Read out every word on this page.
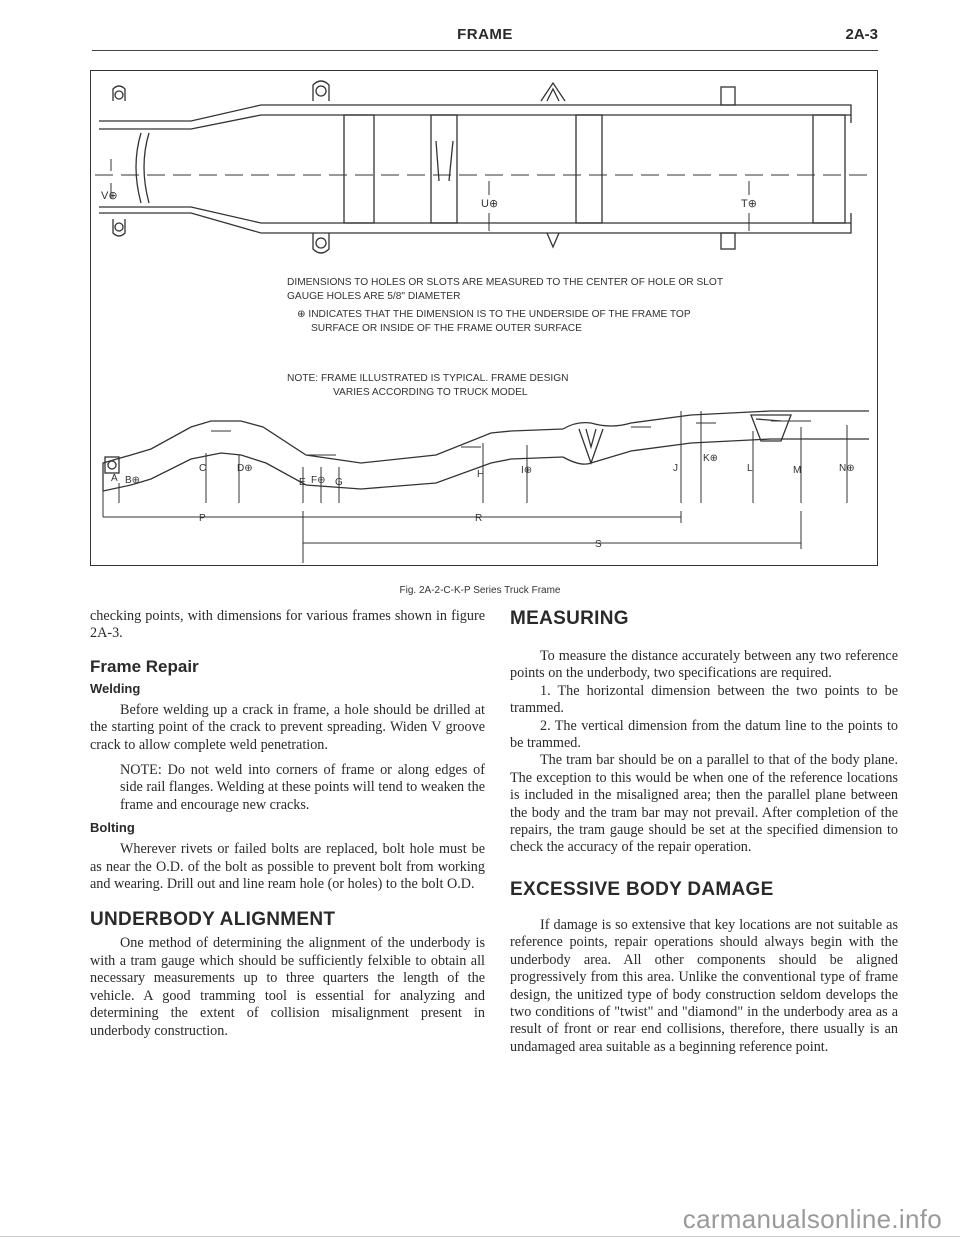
FRAME	2A-3
V⊕
U⊕	T⊕
DIMENSIONS TO HOLES OR SLOTS ARE MEASURED TO THE CENTER OF HOLE OR SLOT
GAUGE HOLES ARE 5/8" DIAMETER
⊕ INDICATES THAT THE DIMENSION IS TO THE UNDERSIDE OF THE FRAME TOP
SURFACE OR INSIDE OF THE FRAME OUTER SURFACE
NOTE: FRAME ILLUSTRATED IS TYPICAL. FRAME DESIGN
VARIES ACCORDING TO TRUCK MODEL
A B⊕
C	D⊕
E F⊕ G
H	I⊕	J
K⊕
L	M	N⊕
P	R
S
Fig. 2A-2-C-K-P Series Truck Frame

checking points, with dimensions for various frames shown in figure 2A-3.

Frame Repair
Welding

Before welding up a crack in frame, a hole should be drilled at the starting point of the crack to prevent spreading. Widen V groove crack to allow complete weld penetration.

NOTE: Do not weld into corners of frame or along edges of side rail flanges. Welding at these points will tend to weaken the frame and encourage new cracks.

Bolting

Wherever rivets or failed bolts are replaced, bolt hole must be as near the O.D. of the bolt as possible to prevent bolt from working and wearing. Drill out and line ream hole (or holes) to the bolt O.D.

UNDERBODY ALIGNMENT

One method of determining the alignment of the underbody is with a tram gauge which should be sufficiently felxible to obtain all necessary measurements up to three quarters the length of the vehicle. A good tramming tool is essential for analyzing and determining the extent of collision misalignment present in underbody construction.

MEASURING

To measure the distance accurately between any two reference points on the underbody, two specifications are required.

1. The horizontal dimension between the two points to be trammed.

2. The vertical dimension from the datum line to the points to be trammed.

The tram bar should be on a parallel to that of the body plane. The exception to this would be when one of the reference locations is included in the misaligned area; then the parallel plane between the body and the tram bar may not prevail. After completion of the repairs, the tram gauge should be set at the specified dimension to check the accuracy of the repair operation.

EXCESSIVE BODY DAMAGE

If damage is so extensive that key locations are not suitable as reference points, repair operations should always begin with the underbody area. All other components should be aligned progressively from this area. Unlike the conventional type of frame design, the unitized type of body construction seldom develops the two conditions of "twist" and "diamond" in the underbody area as a result of front or rear end collisions, therefore, there usually is an undamaged area suitable as a beginning reference point.

carmanualsonline.info
